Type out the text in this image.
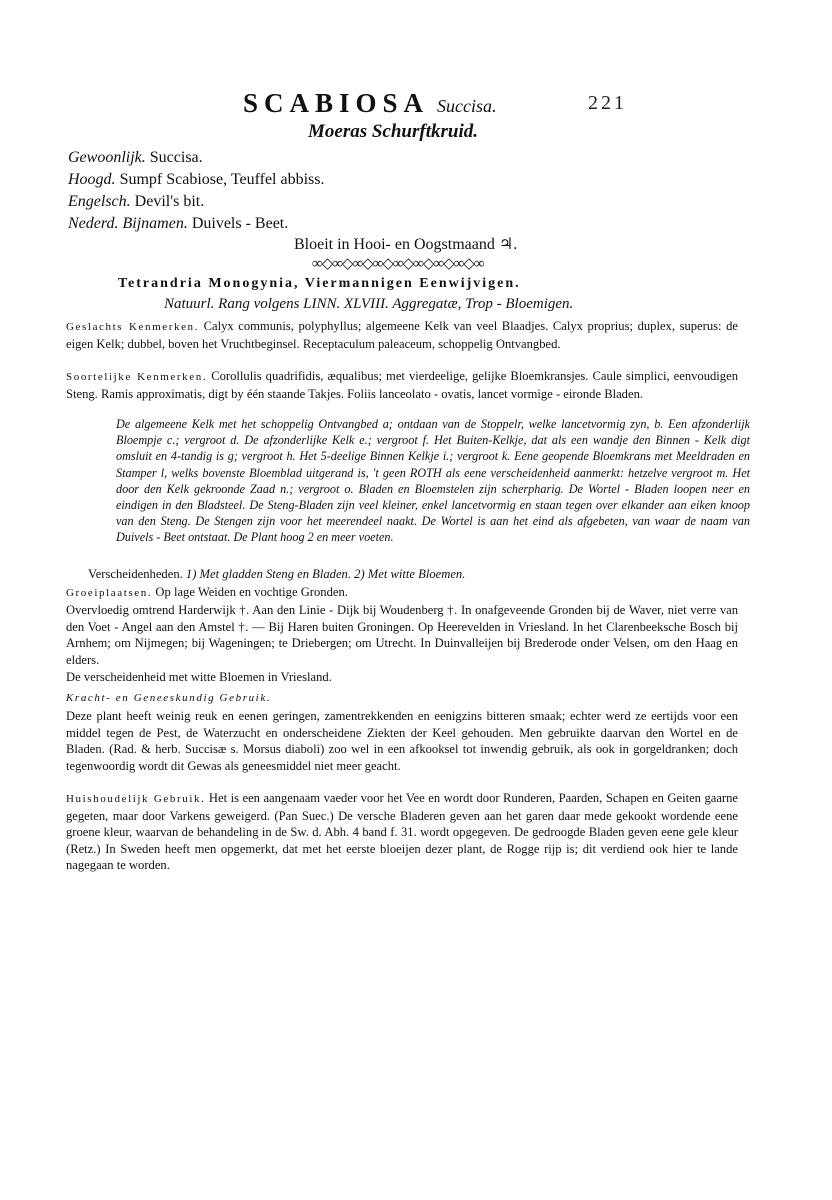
SCABIOSA Succisa.	221
Moeras Schurftkruid.
Gewoonlijk. Succisa.
Hoogd. Sumpf Scabiose, Teuffel abbiss.
Engelsch. Devil's bit.
Nederd. Bijnamen. Duivels - Beet.
Bloeit in Hooi- en Oogstmaand ♃.
∞◇∞◇∞◇∞◇∞◇∞◇∞◇∞◇∞
Tetrandria Monogynia, Viermannigen Eenwijvigen.
Natuurl. Rang volgens LINN. XLVIII. Aggregatæ, Trop - Bloemigen.
Geslachts Kenmerken. Calyx communis, polyphyllus; algemeene Kelk van veel Blaadjes. Calyx proprius; duplex, superus: de eigen Kelk; dubbel, boven het Vruchtbeginsel. Receptaculum paleaceum, schoppelig Ontvangbed.
Soortelijke Kenmerken. Corollulis quadrifidis, æqualibus; met vierdeelige, gelijke Bloemkransjes. Caule simplici, eenvoudigen Steng. Ramis approximatis, digt by één staande Takjes. Foliis lanceolato - ovatis, lancet vormige - eironde Bladen.
De algemeene Kelk met het schoppelig Ontvangbed a; ontdaan van de Stoppelr, welke lancetvormig zyn, b. Een afzonderlijk Bloempje c.; vergroot d. De afzonderlijke Kelk e.; vergroot f. Het Buiten-Kelkje, dat als een wandje den Binnen - Kelk digt omsluit en 4-tandig is g; vergroot h. Het 5-deelige Binnen Kelkje i.; vergroot k. Eene geopende Bloemkrans met Meeldraden en Stamper l, welks bovenste Bloemblad uitgerand is, 't geen ROTH als eene verscheidenheid aanmerkt: hetzelve vergroot m. Het door den Kelk gekroonde Zaad n.; vergroot o. Bladen en Bloemstelen zijn scherpharig. De Wortel - Bladen loopen neer en eindigen in den Bladsteel. De Steng-Bladen zijn veel kleiner, enkel lancetvormig en staan tegen over elkander aan eiken knoop van den Steng. De Stengen zijn voor het meerendeel naakt. De Wortel is aan het eind als afgebeten, van waar de naam van Duivels - Beet ontstaat. De Plant hoog 2 en meer voeten.
Verscheidenheden. 1) Met gladden Steng en Bladen. 2) Met witte Bloemen.
Groeiplaatsen. Op lage Weiden en vochtige Gronden.
Overvloedig omtrend Harderwijk †. Aan den Linie - Dijk bij Woudenberg †. In onafgeveende Gronden bij de Waver, niet verre van den Voet - Angel aan den Amstel †. — Bij Haren buiten Groningen. Op Heerevelden in Vriesland. In het Clarenbeeksche Bosch bij Arnhem; om Nijmegen; bij Wageningen; te Driebergen; om Utrecht. In Duinvalleijen bij Brederode onder Velsen, om den Haag en elders.
De verscheidenheid met witte Bloemen in Vriesland.
Kracht- en Geneeskundig Gebruik.
Deze plant heeft weinig reuk en eenen geringen, zamentrekkenden en eenigzins bitteren smaak; echter werd ze eertijds voor een middel tegen de Pest, de Waterzucht en onderscheidene Ziekten der Keel gehouden. Men gebruikte daarvan den Wortel en de Bladen. (Rad. & herb. Succisæ s. Morsus diaboli) zoo wel in een afkooksel tot inwendig gebruik, als ook in gorgeldranken; doch tegenwoordig wordt dit Gewas als geneesmiddel niet meer geacht.
Huishoudelijk Gebruik. Het is een aangenaam vaeder voor het Vee en wordt door Runderen, Paarden, Schapen en Geiten gaarne gegeten, maar door Varkens geweigerd. (Pan Suec.) De versche Bladeren geven aan het garen daar mede gekookt wordende eene groene kleur, waarvan de behandeling in de Sw. d. Abh. 4 band f. 31. wordt opgegeven. De gedroogde Bladen geven eene gele kleur (Retz.) In Sweden heeft men opgemerkt, dat met het eerste bloeijen dezer plant, de Rogge rijp is; dit verdiend ook hier te lande nagegaan te worden.
